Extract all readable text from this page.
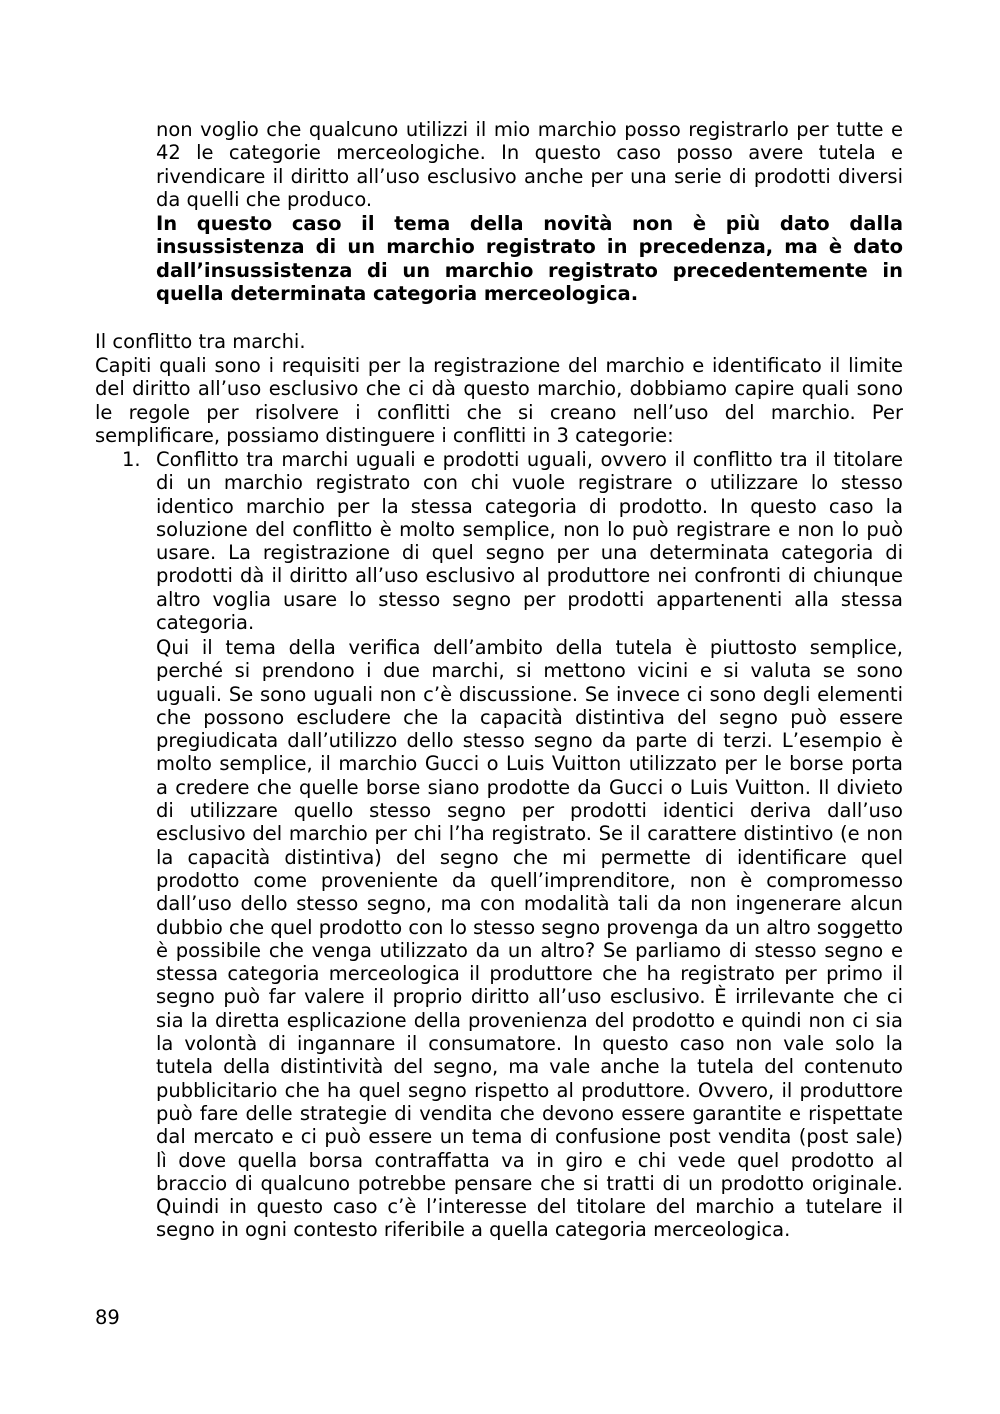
non voglio che qualcuno utilizzi il mio marchio posso registrarlo per tutte e 42 le categorie merceologiche. In questo caso posso avere tutela e rivendicare il diritto all’uso esclusivo anche per una serie di prodotti diversi da quelli che produco.

In questo caso il tema della novità non è più dato dalla insussistenza di un marchio registrato in precedenza, ma è dato dall’insussistenza di un marchio registrato precedentemente in quella determinata categoria merceologica.

Il conflitto tra marchi.

Capiti quali sono i requisiti per la registrazione del marchio e identificato il limite del diritto all’uso esclusivo che ci dà questo marchio, dobbiamo capire quali sono le regole per risolvere i conflitti che si creano nell’uso del marchio. Per semplificare, possiamo distinguere i conflitti in 3 categorie:

1. Conflitto tra marchi uguali e prodotti uguali, ovvero il conflitto tra il titolare di un marchio registrato con chi vuole registrare o utilizzare lo stesso identico marchio per la stessa categoria di prodotto. In questo caso la soluzione del conflitto è molto semplice, non lo può registrare e non lo può usare. La registrazione di quel segno per una determinata categoria di prodotti dà il diritto all’uso esclusivo al produttore nei confronti di chiunque altro voglia usare lo stesso segno per prodotti appartenenti alla stessa categoria.

Qui il tema della verifica dell’ambito della tutela è piuttosto semplice, perché si prendono i due marchi, si mettono vicini e si valuta se sono uguali. Se sono uguali non c’è discussione. Se invece ci sono degli elementi che possono escludere che la capacità distintiva del segno può essere pregiudicata dall’utilizzo dello stesso segno da parte di terzi. L’esempio è molto semplice, il marchio Gucci o Luis Vuitton utilizzato per le borse porta a credere che quelle borse siano prodotte da Gucci o Luis Vuitton. Il divieto di utilizzare quello stesso segno per prodotti identici deriva dall’uso esclusivo del marchio per chi l’ha registrato. Se il carattere distintivo (e non la capacità distintiva) del segno che mi permette di identificare quel prodotto come proveniente da quell’imprenditore, non è compromesso dall’uso dello stesso segno, ma con modalità tali da non ingenerare alcun dubbio che quel prodotto con lo stesso segno provenga da un altro soggetto è possibile che venga utilizzato da un altro? Se parliamo di stesso segno e stessa categoria merceologica il produttore che ha registrato per primo il segno può far valere il proprio diritto all’uso esclusivo. È irrilevante che ci sia la diretta esplicazione della provenienza del prodotto e quindi non ci sia la volontà di ingannare il consumatore. In questo caso non vale solo la tutela della distintività del segno, ma vale anche la tutela del contenuto pubblicitario che ha quel segno rispetto al produttore. Ovvero, il produttore può fare delle strategie di vendita che devono essere garantite e rispettate dal mercato e ci può essere un tema di confusione post vendita (post sale) lì dove quella borsa contraffatta va in giro e chi vede quel prodotto al braccio di qualcuno potrebbe pensare che si tratti di un prodotto originale. Quindi in questo caso c’è l’interesse del titolare del marchio a tutelare il segno in ogni contesto riferibile a quella categoria merceologica.

89
